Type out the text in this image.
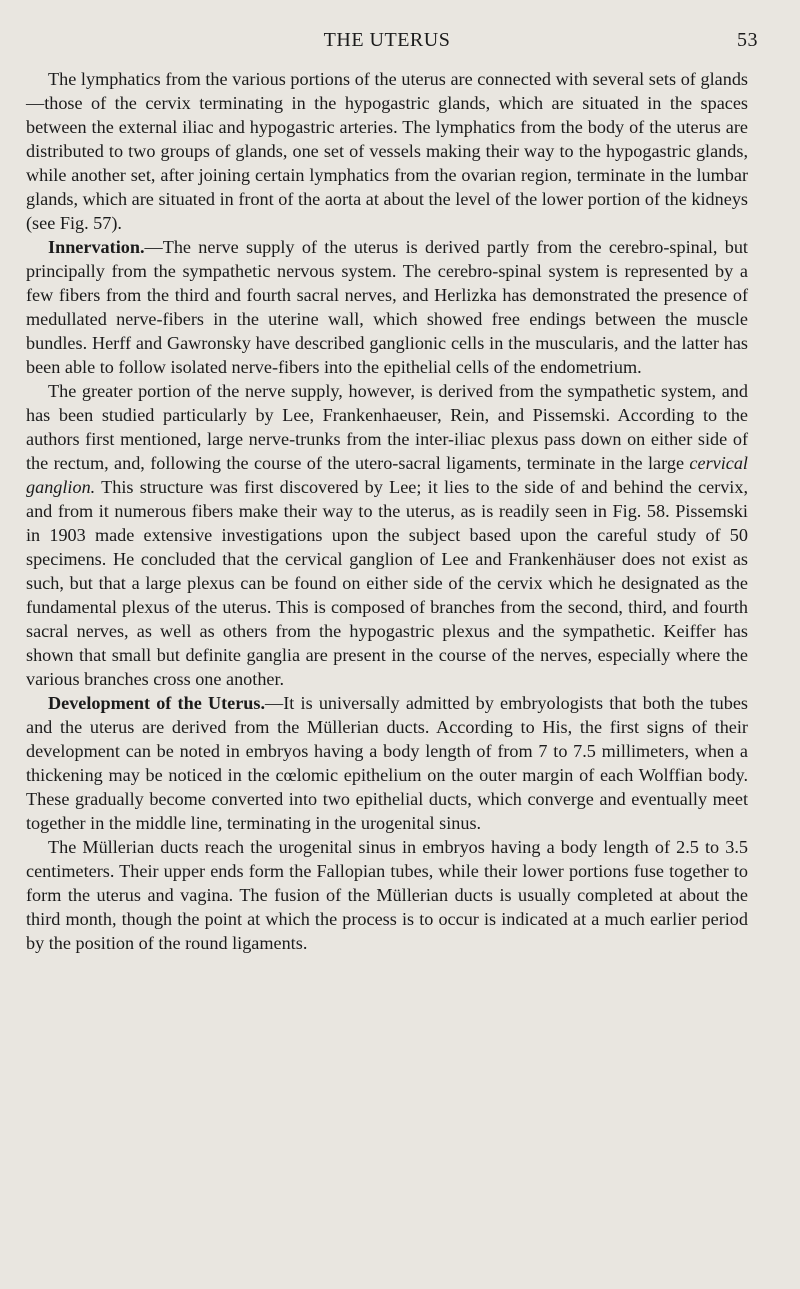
THE UTERUS	53

The lymphatics from the various portions of the uterus are connected with several sets of glands—those of the cervix terminating in the hypogastric glands, which are situated in the spaces between the external iliac and hypogastric arteries. The lymphatics from the body of the uterus are distributed to two groups of glands, one set of vessels making their way to the hypogastric glands, while another set, after joining certain lymphatics from the ovarian region, terminate in the lumbar glands, which are situated in front of the aorta at about the level of the lower portion of the kidneys (see Fig. 57).

Innervation.—The nerve supply of the uterus is derived partly from the cerebro-spinal, but principally from the sympathetic nervous system. The cerebro-spinal system is represented by a few fibers from the third and fourth sacral nerves, and Herlizka has demonstrated the presence of medullated nerve-fibers in the uterine wall, which showed free endings between the muscle bundles. Herff and Gawronsky have described ganglionic cells in the muscularis, and the latter has been able to follow isolated nerve-fibers into the epithelial cells of the endometrium.

The greater portion of the nerve supply, however, is derived from the sympathetic system, and has been studied particularly by Lee, Frankenhaeuser, Rein, and Pissemski. According to the authors first mentioned, large nerve-trunks from the inter-iliac plexus pass down on either side of the rectum, and, following the course of the utero-sacral ligaments, terminate in the large cervical ganglion. This structure was first discovered by Lee; it lies to the side of and behind the cervix, and from it numerous fibers make their way to the uterus, as is readily seen in Fig. 58. Pissemski in 1903 made extensive investigations upon the subject based upon the careful study of 50 specimens. He concluded that the cervical ganglion of Lee and Frankenhäuser does not exist as such, but that a large plexus can be found on either side of the cervix which he designated as the fundamental plexus of the uterus. This is composed of branches from the second, third, and fourth sacral nerves, as well as others from the hypogastric plexus and the sympathetic. Keiffer has shown that small but definite ganglia are present in the course of the nerves, especially where the various branches cross one another.

Development of the Uterus.—It is universally admitted by embryologists that both the tubes and the uterus are derived from the Müllerian ducts. According to His, the first signs of their development can be noted in embryos having a body length of from 7 to 7.5 millimeters, when a thickening may be noticed in the cœlomic epithelium on the outer margin of each Wolffian body. These gradually become converted into two epithelial ducts, which converge and eventually meet together in the middle line, terminating in the urogenital sinus.

The Müllerian ducts reach the urogenital sinus in embryos having a body length of 2.5 to 3.5 centimeters. Their upper ends form the Fallopian tubes, while their lower portions fuse together to form the uterus and vagina. The fusion of the Müllerian ducts is usually completed at about the third month, though the point at which the process is to occur is indicated at a much earlier period by the position of the round ligaments.
